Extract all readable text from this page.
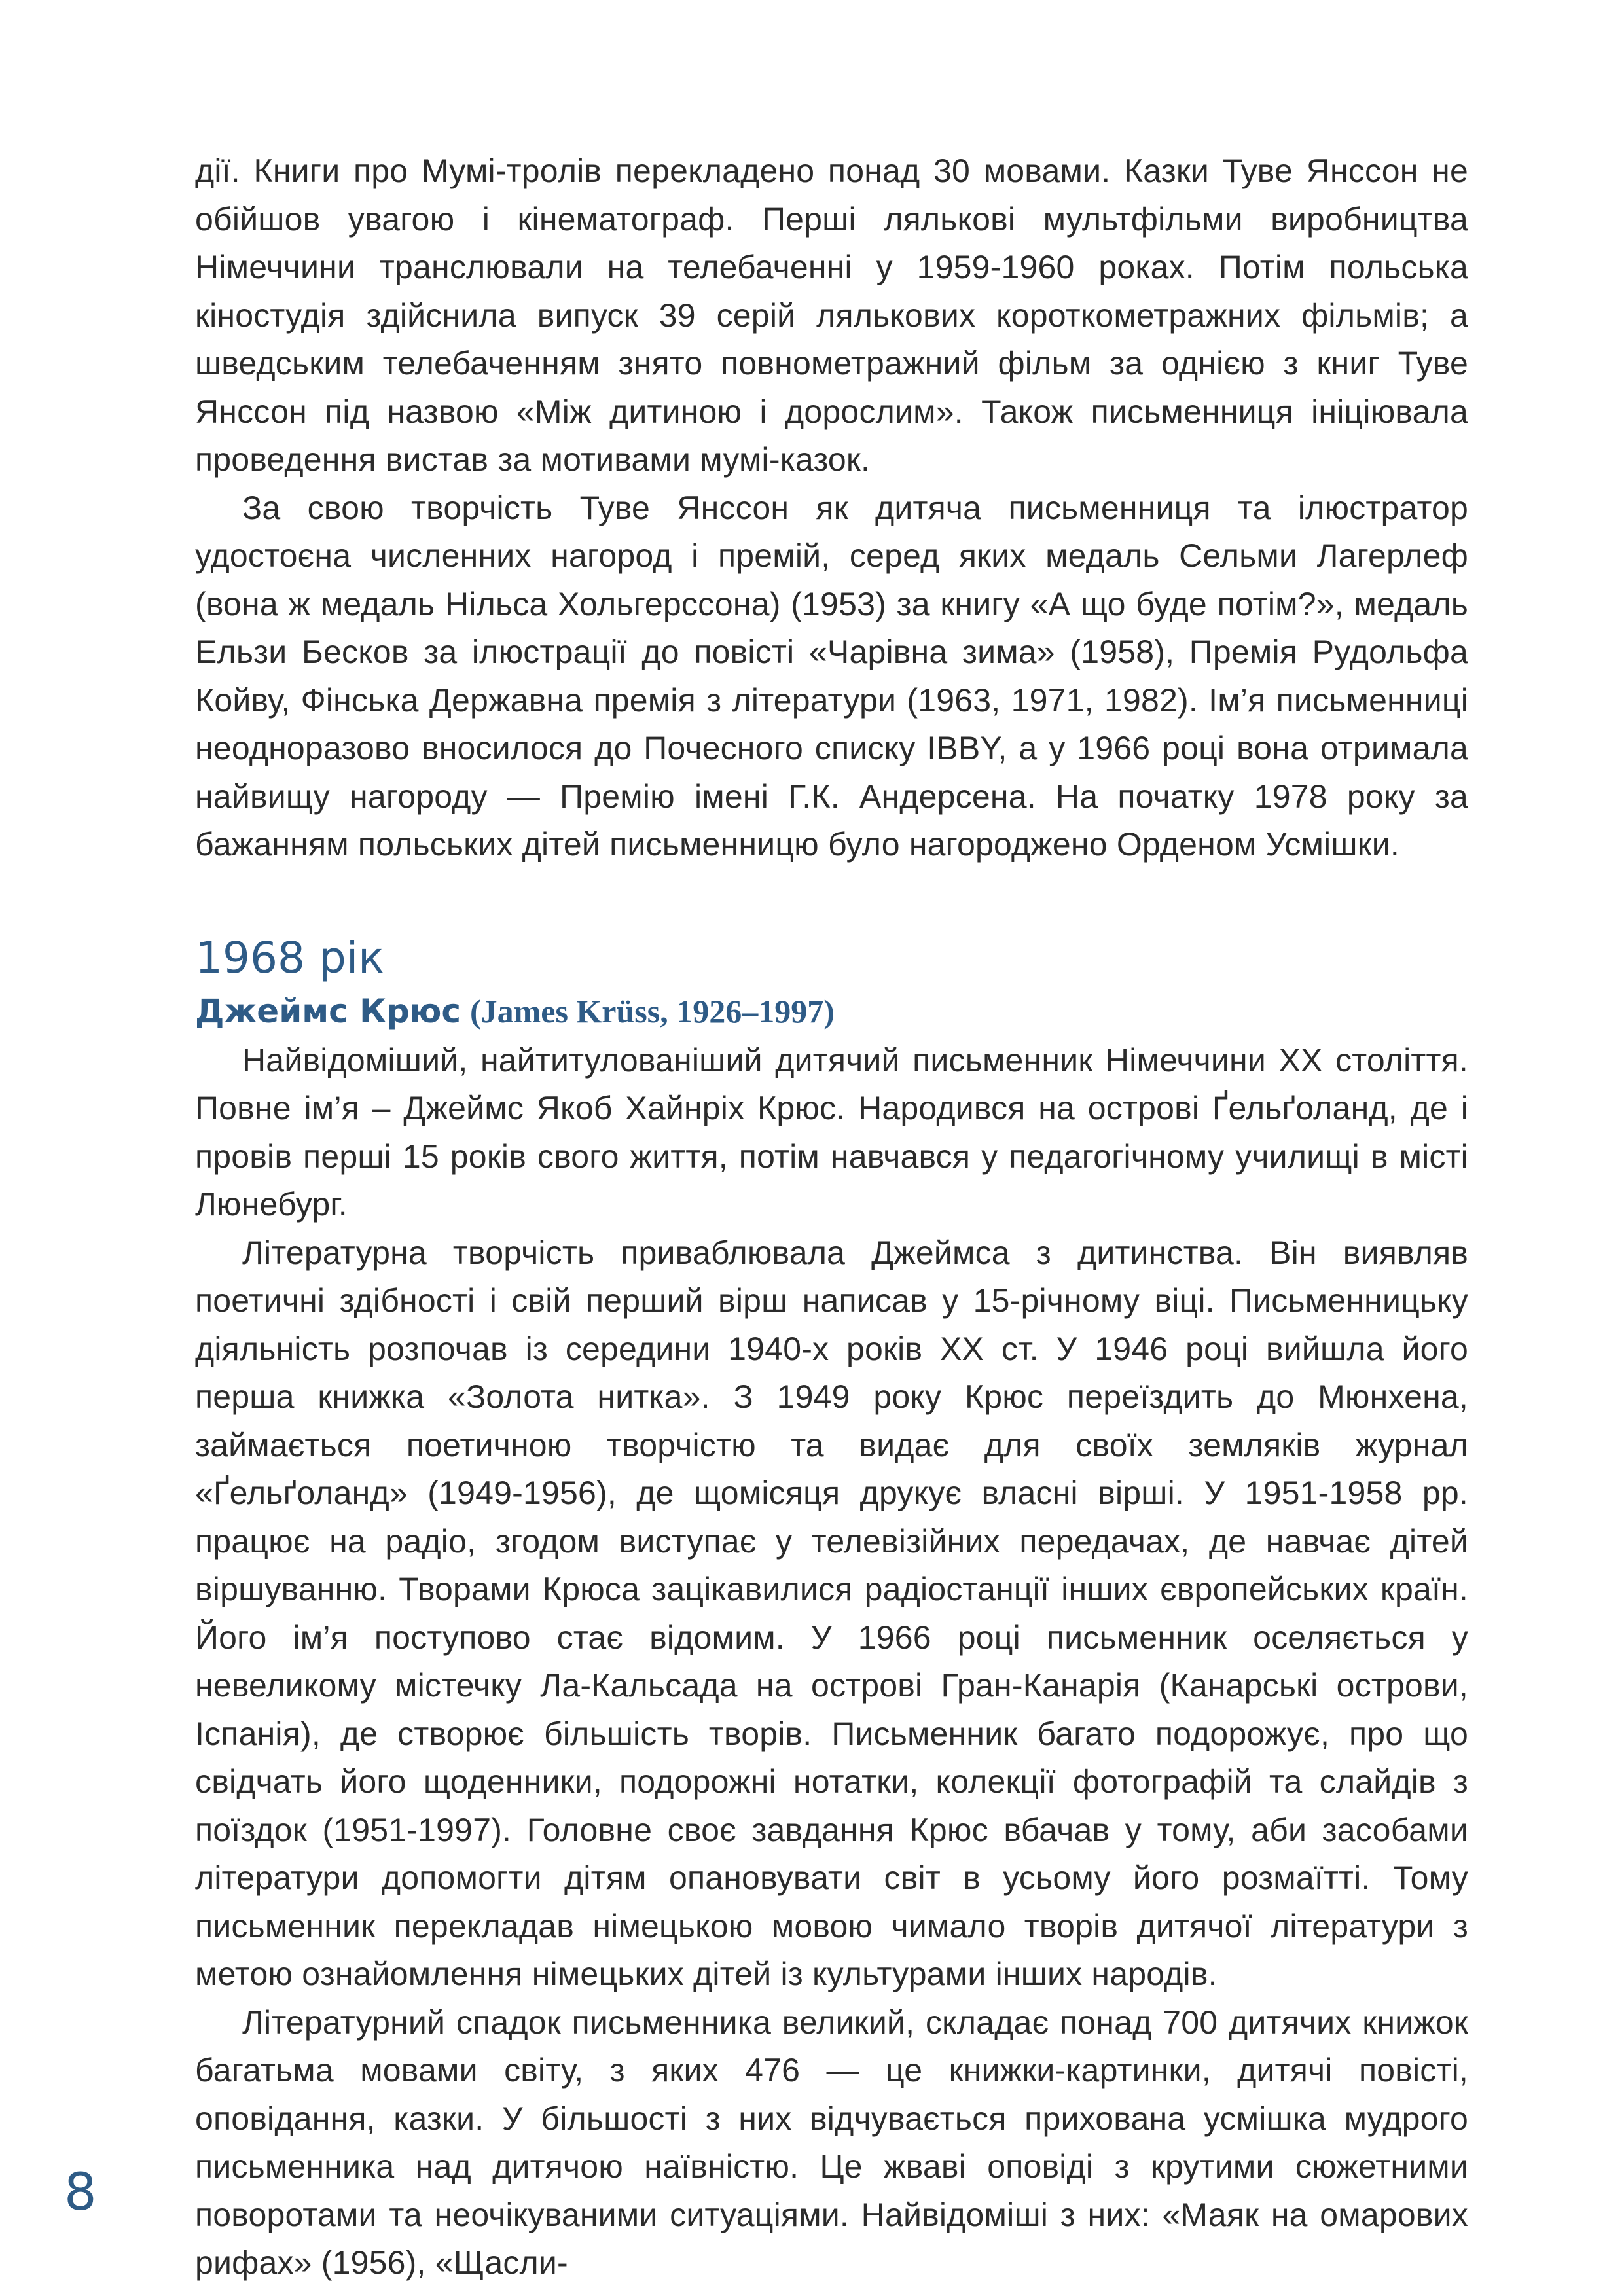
дії. Книги про Мумі-тролів перекладено понад 30 мовами. Казки Туве Янссон не обійшов увагою і кінематограф. Перші лялькові мультфільми виробництва Німеччини транслювали на телебаченні у 1959-1960 роках. Потім польська кіностудія здійснила випуск 39 серій лялькових короткометражних фільмів; а шведським телебаченням знято повнометражний фільм за однією з книг Туве Янссон під назвою «Між дитиною і дорослим». Також письменниця ініціювала проведення вистав за мотивами мумі-казок.

За свою творчість Туве Янссон як дитяча письменниця та ілюстратор удостоєна численних нагород і премій, серед яких медаль Сельми Лагерлеф (вона ж медаль Нільса Хольгерссона) (1953) за книгу «А що буде потім?», медаль Ельзи Бесков за ілюстрації до повісті «Чарівна зима» (1958), Премія Рудольфа Койву, Фінська Державна премія з літератури (1963, 1971, 1982). Ім’я письменниці неодноразово вносилося до Почесного списку IBBY, а у 1966 році вона отримала найвищу нагороду — Премію імені Г.К. Андерсена. На початку 1978 року за бажанням польських дітей письменницю було нагороджено Орденом Усмішки.

1968 рік
Джеймс Крюс (James Krüss, 1926–1997)

Найвідоміший, найтитулованіший дитячий письменник Німеччини ХХ століття. Повне ім’я – Джеймс Якоб Хайнріх Крюс. Народився на острові Ґельґоланд, де і провів перші 15 років свого життя, потім навчався у педагогічному училищі в місті Люнебург.

Літературна творчість приваблювала Джеймса з дитинства. Він виявляв поетичні здібності і свій перший вірш написав у 15-річному віці. Письменницьку діяльність розпочав із середини 1940-х років ХХ ст. У 1946 році вийшла його перша книжка «Золота нитка». З 1949 року Крюс переїздить до Мюнхена, займається поетичною творчістю та видає для своїх земляків журнал «Ґельґоланд» (1949-1956), де щомісяця друкує власні вірші. У 1951-1958 рр. працює на радіо, згодом виступає у телевізійних передачах, де навчає дітей віршуванню. Творами Крюса зацікавилися радіостанції інших європейських країн. Його ім’я поступово стає відомим. У 1966 році письменник оселяється у невеликому містечку Ла-Кальсада на острові Гран-Канарія (Канарські острови, Іспанія), де створює більшість творів. Письменник багато подорожує, про що свідчать його щоденники, подорожні нотатки, колекції фотографій та слайдів з поїздок (1951-1997). Головне своє завдання Крюс вбачав у тому, аби засобами літератури допомогти дітям опановувати світ в усьому його розмаїтті. Тому письменник перекладав німецькою мовою чимало творів дитячої літератури з метою ознайомлення німецьких дітей із культурами інших народів.

Літературний спадок письменника великий, складає понад 700 дитячих книжок багатьма мовами світу, з яких 476 — це книжки-картинки, дитячі повісті, оповідання, казки. У більшості з них відчувається прихована усмішка мудрого письменника над дитячою наївністю. Це жваві оповіді з крутими сюжетними поворотами та неочікуваними ситуаціями. Найвідоміші з них: «Маяк на омарових рифах» (1956), «Щасли-

8
